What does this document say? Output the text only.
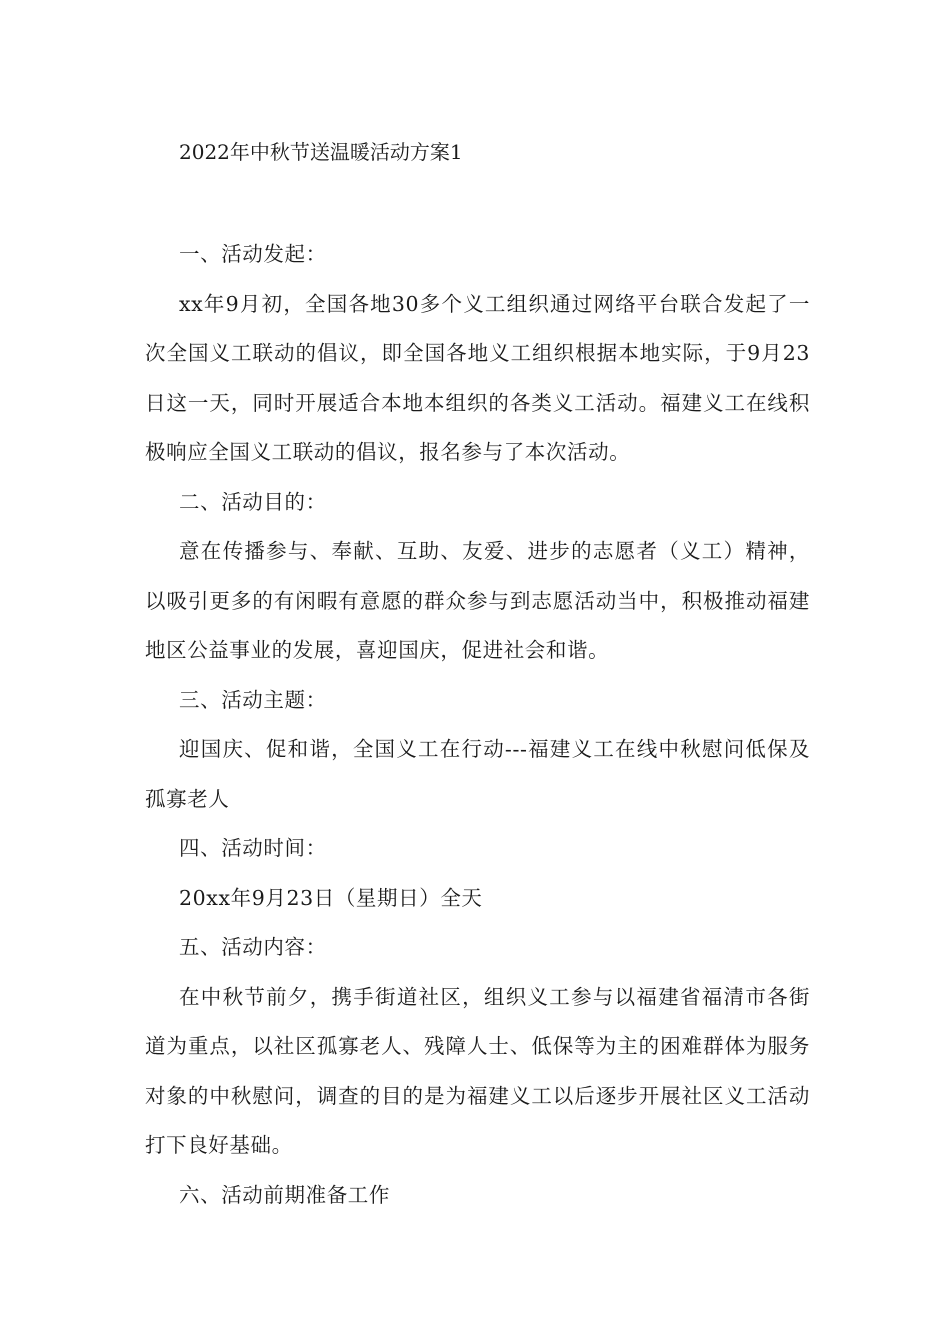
2022年中秋节送温暖活动方案1

一、活动发起：

xx年9月初，全国各地30多个义工组织通过网络平台联合发起了一次全国义工联动的倡议，即全国各地义工组织根据本地实际，于9月23日这一天，同时开展适合本地本组织的各类义工活动。福建义工在线积极响应全国义工联动的倡议，报名参与了本次活动。

二、活动目的：

意在传播参与、奉献、互助、友爱、进步的志愿者（义工）精神，以吸引更多的有闲暇有意愿的群众参与到志愿活动当中，积极推动福建地区公益事业的发展，喜迎国庆，促进社会和谐。

三、活动主题：

迎国庆、促和谐，全国义工在行动---福建义工在线中秋慰问低保及孤寡老人

四、活动时间：

20xx年9月23日（星期日）全天

五、活动内容：

在中秋节前夕，携手街道社区，组织义工参与以福建省福清市各街道为重点，以社区孤寡老人、残障人士、低保等为主的困难群体为服务对象的中秋慰问，调查的目的是为福建义工以后逐步开展社区义工活动打下良好基础。

六、活动前期准备工作
